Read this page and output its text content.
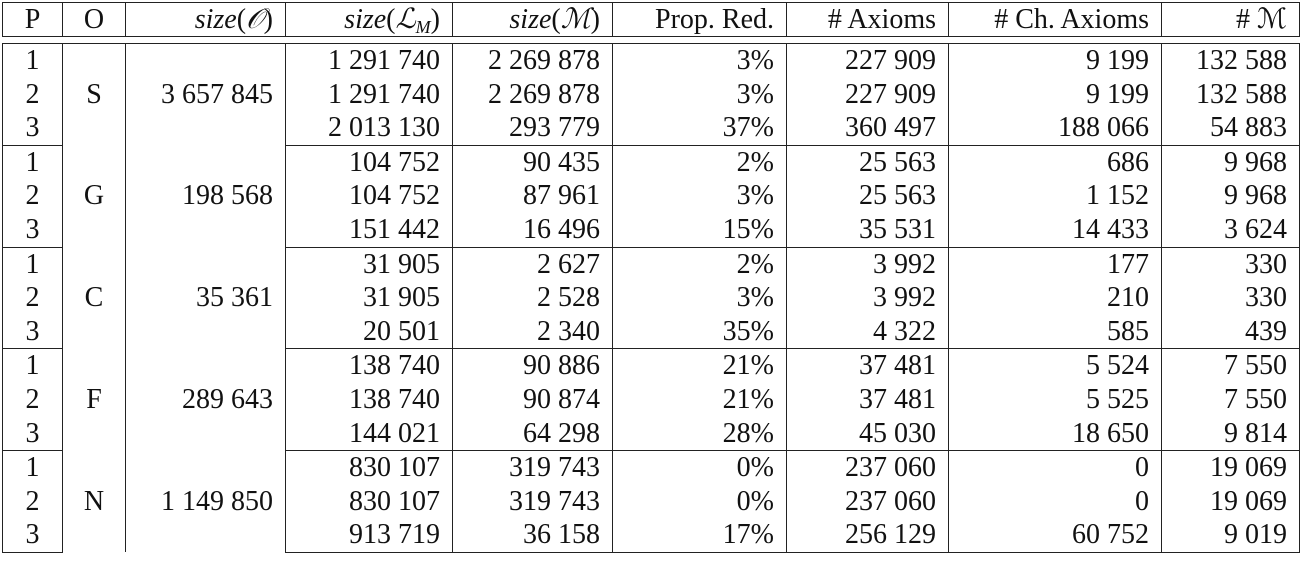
P	O	size(𝒪)	size(ℒ$_M$)	size(ℳ)	Prop. Red.	# Axioms	# Ch. Axioms	# ℳ

1	S	3 657 845	1 291 740	2 269 878	3%	227 909	9 199	132 588
2			1 291 740	2 269 878	3%	227 909	9 199	132 588
3			2 013 130	293 779	37%	360 497	188 066	54 883
1	G	198 568	104 752	90 435	2%	25 563	686	9 968
2			104 752	87 961	3%	25 563	1 152	9 968
3			151 442	16 496	15%	35 531	14 433	3 624
1	C	35 361	31 905	2 627	2%	3 992	177	330
2			31 905	2 528	3%	3 992	210	330
3			20 501	2 340	35%	4 322	585	439
1	F	289 643	138 740	90 886	21%	37 481	5 524	7 550
2			138 740	90 874	21%	37 481	5 525	7 550
3			144 021	64 298	28%	45 030	18 650	9 814
1	N	1 149 850	830 107	319 743	0%	237 060	0	19 069
2			830 107	319 743	0%	237 060	0	19 069
3			913 719	36 158	17%	256 129	60 752	9 019
